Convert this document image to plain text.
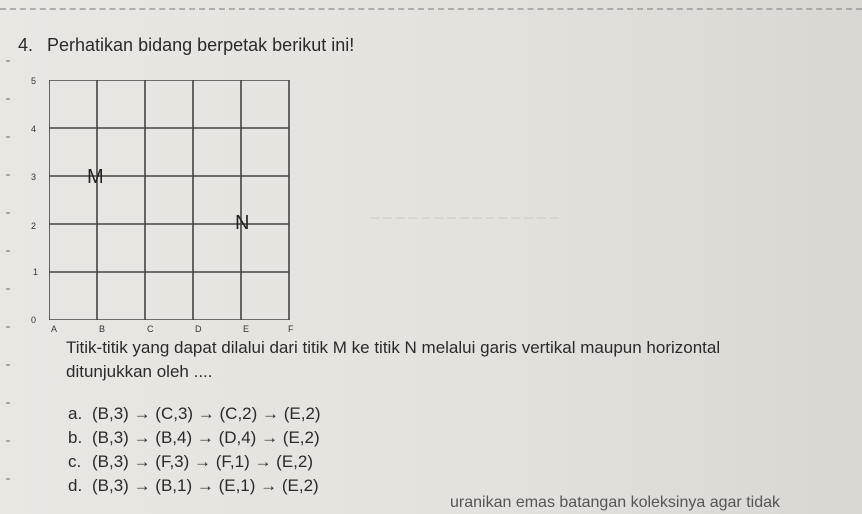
4. Perhatikan bidang berpetak berikut ini!
0
1
2
3
4
5
A	B	C	D	E	F
M
N	─ ─ ─ ─ ─ ─ ─ ─ ─ ─ ─ ─ ─ ─ ─
Titik-titik yang dapat dilalui dari titik M ke titik N melalui garis vertikal maupun horizontal
ditunjukkan oleh ....
a. (B,3) → (C,3) → (C,2) → (E,2)
b. (B,3) → (B,4) → (D,4) → (E,2)
c. (B,3) → (F,3) → (F,1) → (E,2)
d. (B,3) → (B,1) → (E,1) → (E,2)
uranikan emas batangan koleksinya agar tidak
